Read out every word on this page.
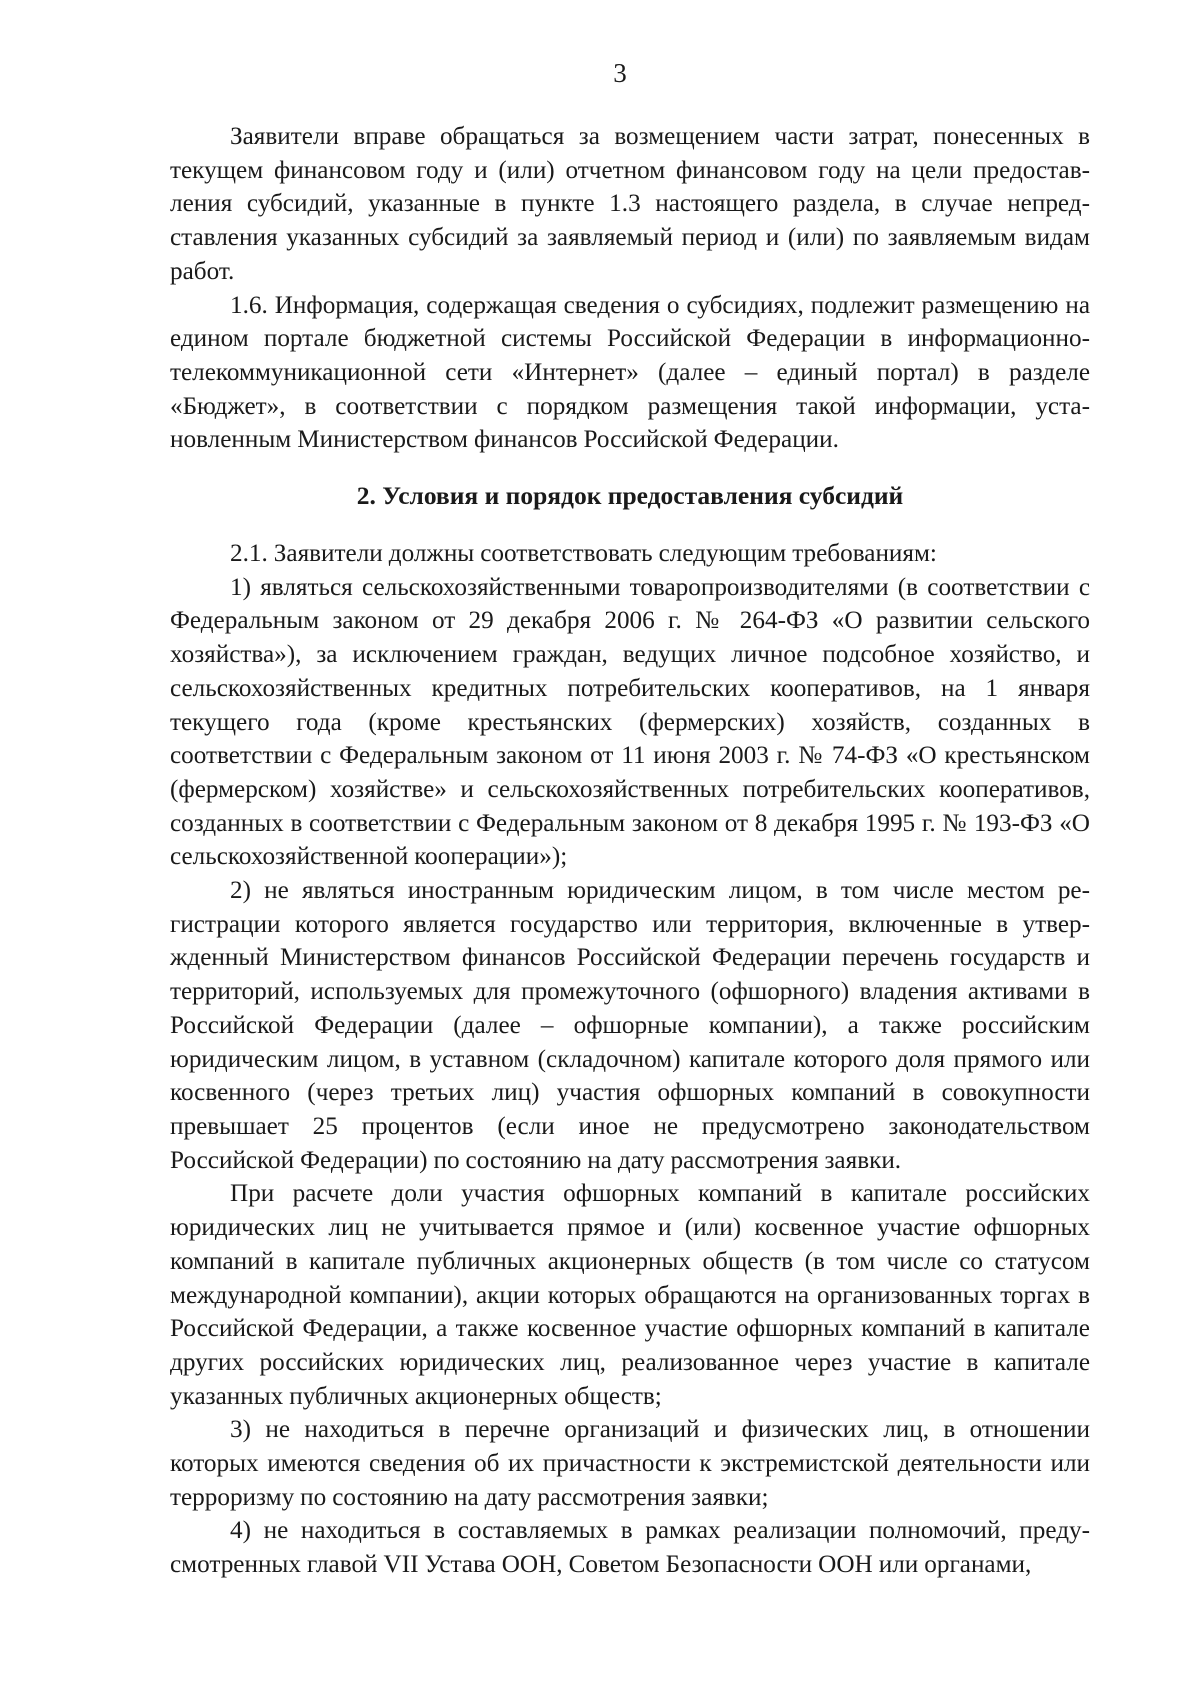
3

Заявители вправе обращаться за возмещением части затрат, понесенных в текущем финансовом году и (или) отчетном финансовом году на цели предоставления субсидий, указанные в пункте 1.3 настоящего раздела, в случае непредставления указанных субсидий за заявляемый период и (или) по заявляемым видам работ.

1.6. Информация, содержащая сведения о субсидиях, подлежит размещению на едином портале бюджетной системы Российской Федерации в информационно-телекоммуникационной сети «Интернет» (далее – единый портал) в разделе «Бюджет», в соответствии с порядком размещения такой информации, установленным Министерством финансов Российской Федерации.

2. Условия и порядок предоставления субсидий

2.1. Заявители должны соответствовать следующим требованиям:

1) являться сельскохозяйственными товаропроизводителями (в соответствии с Федеральным законом от 29 декабря 2006 г. № 264-ФЗ «О развитии сельского хозяйства»), за исключением граждан, ведущих личное подсобное хозяйство, и сельскохозяйственных кредитных потребительских кооперативов, на 1 января текущего года (кроме крестьянских (фермерских) хозяйств, созданных в соответствии с Федеральным законом от 11 июня 2003 г. № 74-ФЗ «О крестьянском (фермерском) хозяйстве» и сельскохозяйственных потребительских кооперативов, созданных в соответствии с Федеральным законом от 8 декабря 1995 г. № 193-ФЗ «О сельскохозяйственной кооперации»);

2) не являться иностранным юридическим лицом, в том числе местом регистрации которого является государство или территория, включенные в утвержденный Министерством финансов Российской Федерации перечень государств и территорий, используемых для промежуточного (офшорного) владения активами в Российской Федерации (далее – офшорные компании), а также российским юридическим лицом, в уставном (складочном) капитале которого доля прямого или косвенного (через третьих лиц) участия офшорных компаний в совокупности превышает 25 процентов (если иное не предусмотрено законодательством Российской Федерации) по состоянию на дату рассмотрения заявки.

При расчете доли участия офшорных компаний в капитале российских юридических лиц не учитывается прямое и (или) косвенное участие офшорных компаний в капитале публичных акционерных обществ (в том числе со статусом международной компании), акции которых обращаются на организованных торгах в Российской Федерации, а также косвенное участие офшорных компаний в капитале других российских юридических лиц, реализованное через участие в капитале указанных публичных акционерных обществ;

3) не находиться в перечне организаций и физических лиц, в отношении которых имеются сведения об их причастности к экстремистской деятельности или терроризму по состоянию на дату рассмотрения заявки;

4) не находиться в составляемых в рамках реализации полномочий, предусмотренных главой VII Устава ООН, Советом Безопасности ООН или органами,
